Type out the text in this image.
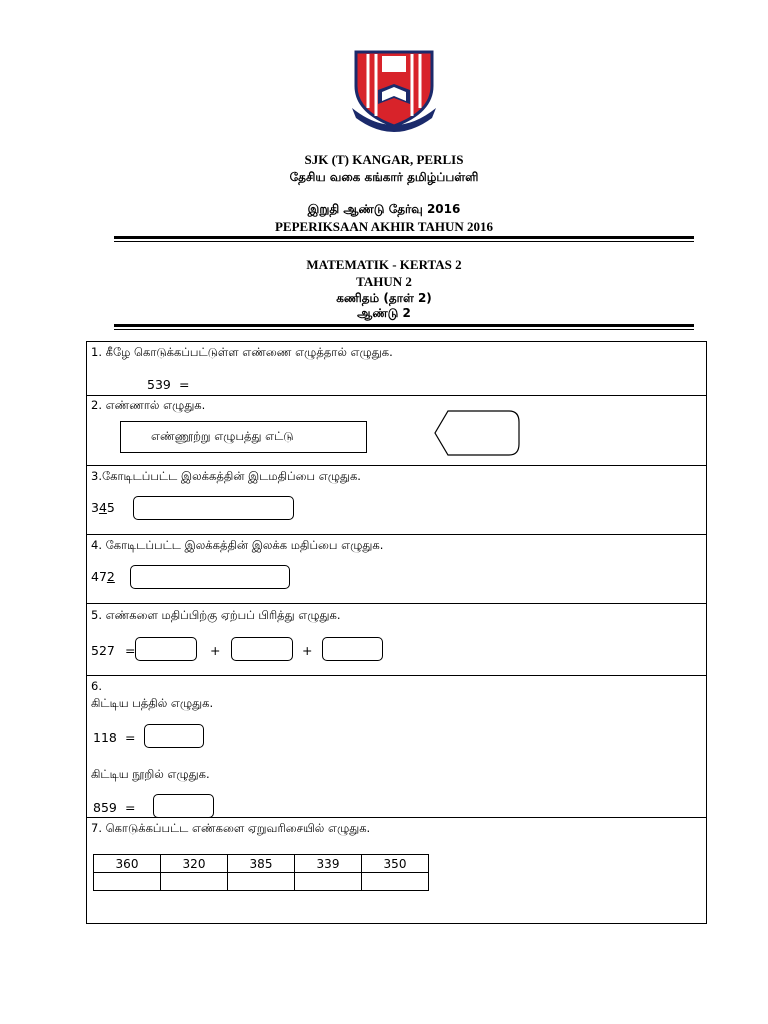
SJK (T) KANGAR, PERLIS
தேசிய வகை கங்கார் தமிழ்ப்பள்ளி
இறுதி ஆண்டு தேர்வு 2016
PEPERIKSAAN AKHIR TAHUN 2016
MATEMATIK - KERTAS 2
TAHUN 2
கணிதம் (தாள் 2)
ஆண்டு 2
1. கீழே கொடுக்கப்பட்டுள்ள எண்ணை எழுத்தால் எழுதுக.
539 =
2. எண்ணால் எழுதுக.
எண்ணூற்று எழுபத்து எட்டு
3.கோடிடப்பட்ட இலக்கத்தின் இடமதிப்பை எழுதுக.
345
4. கோடிடப்பட்ட இலக்கத்தின் இலக்க மதிப்பை எழுதுக.
472
5. எண்களை மதிப்பிற்கு ஏற்பப் பிரித்து எழுதுக.
527 =	+	+
6.
கிட்டிய பத்தில் எழுதுக.
118 =
கிட்டிய நூறில் எழுதுக.
859 =
7. கொடுக்கப்பட்ட எண்களை ஏறுவரிசையில் எழுதுக.
360	320	385	339	350
